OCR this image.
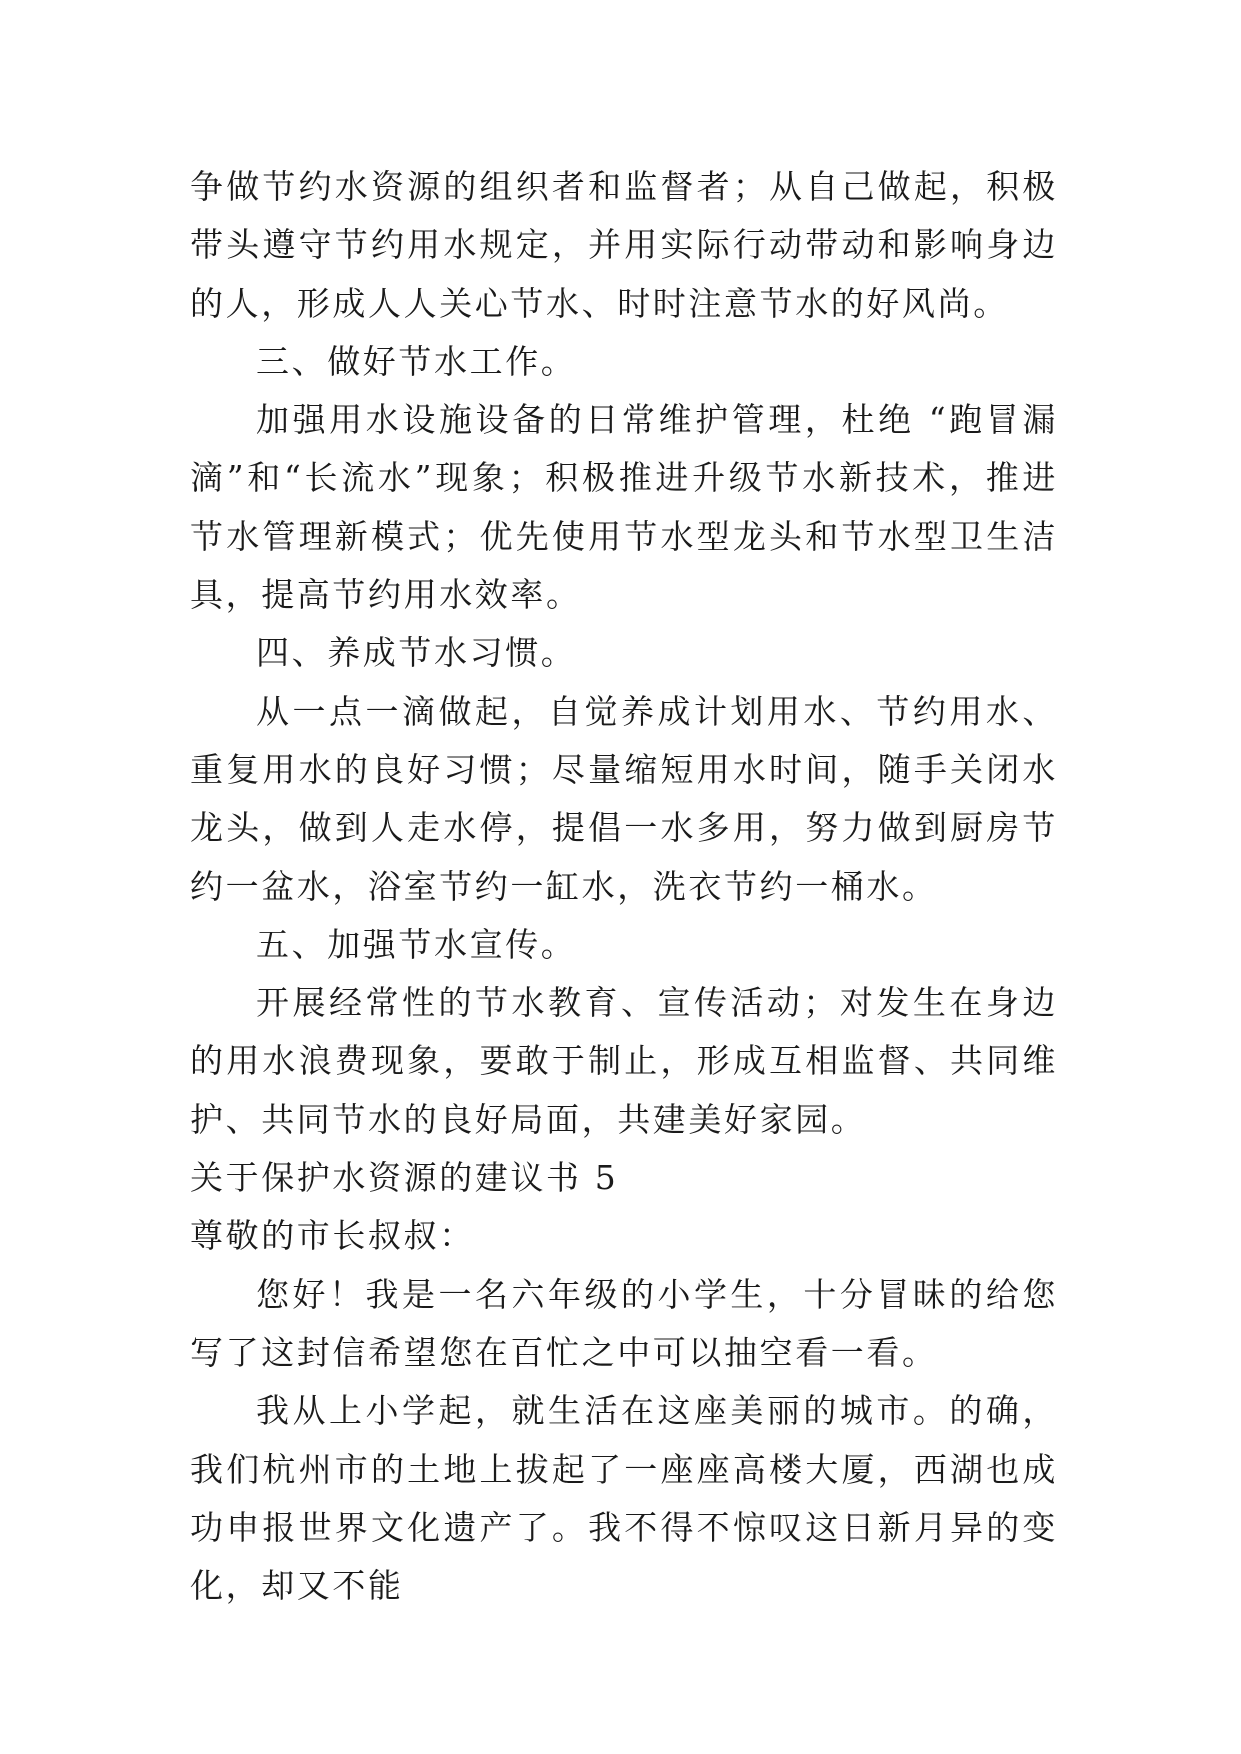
争做节约水资源的组织者和监督者；从自己做起，积极带头遵守节约用水规定，并用实际行动带动和影响身边的人，形成人人关心节水、时时注意节水的好风尚。

三、做好节水工作。

加强用水设施设备的日常维护管理，杜绝 “跑冒漏滴”和“长流水”现象；积极推进升级节水新技术，推进节水管理新模式；优先使用节水型龙头和节水型卫生洁具，提高节约用水效率。

四、养成节水习惯。

从一点一滴做起，自觉养成计划用水、节约用水、重复用水的良好习惯；尽量缩短用水时间，随手关闭水龙头，做到人走水停，提倡一水多用，努力做到厨房节约一盆水，浴室节约一缸水，洗衣节约一桶水。

五、加强节水宣传。

开展经常性的节水教育、宣传活动；对发生在身边的用水浪费现象，要敢于制止，形成互相监督、共同维护、共同节水的良好局面，共建美好家园。

关于保护水资源的建议书 5

尊敬的市长叔叔：

您好！我是一名六年级的小学生，十分冒昧的给您写了这封信希望您在百忙之中可以抽空看一看。

我从上小学起，就生活在这座美丽的城市。的确，我们杭州市的土地上拔起了一座座高楼大厦，西湖也成功申报世界文化遗产了。我不得不惊叹这日新月异的变化，却又不能
